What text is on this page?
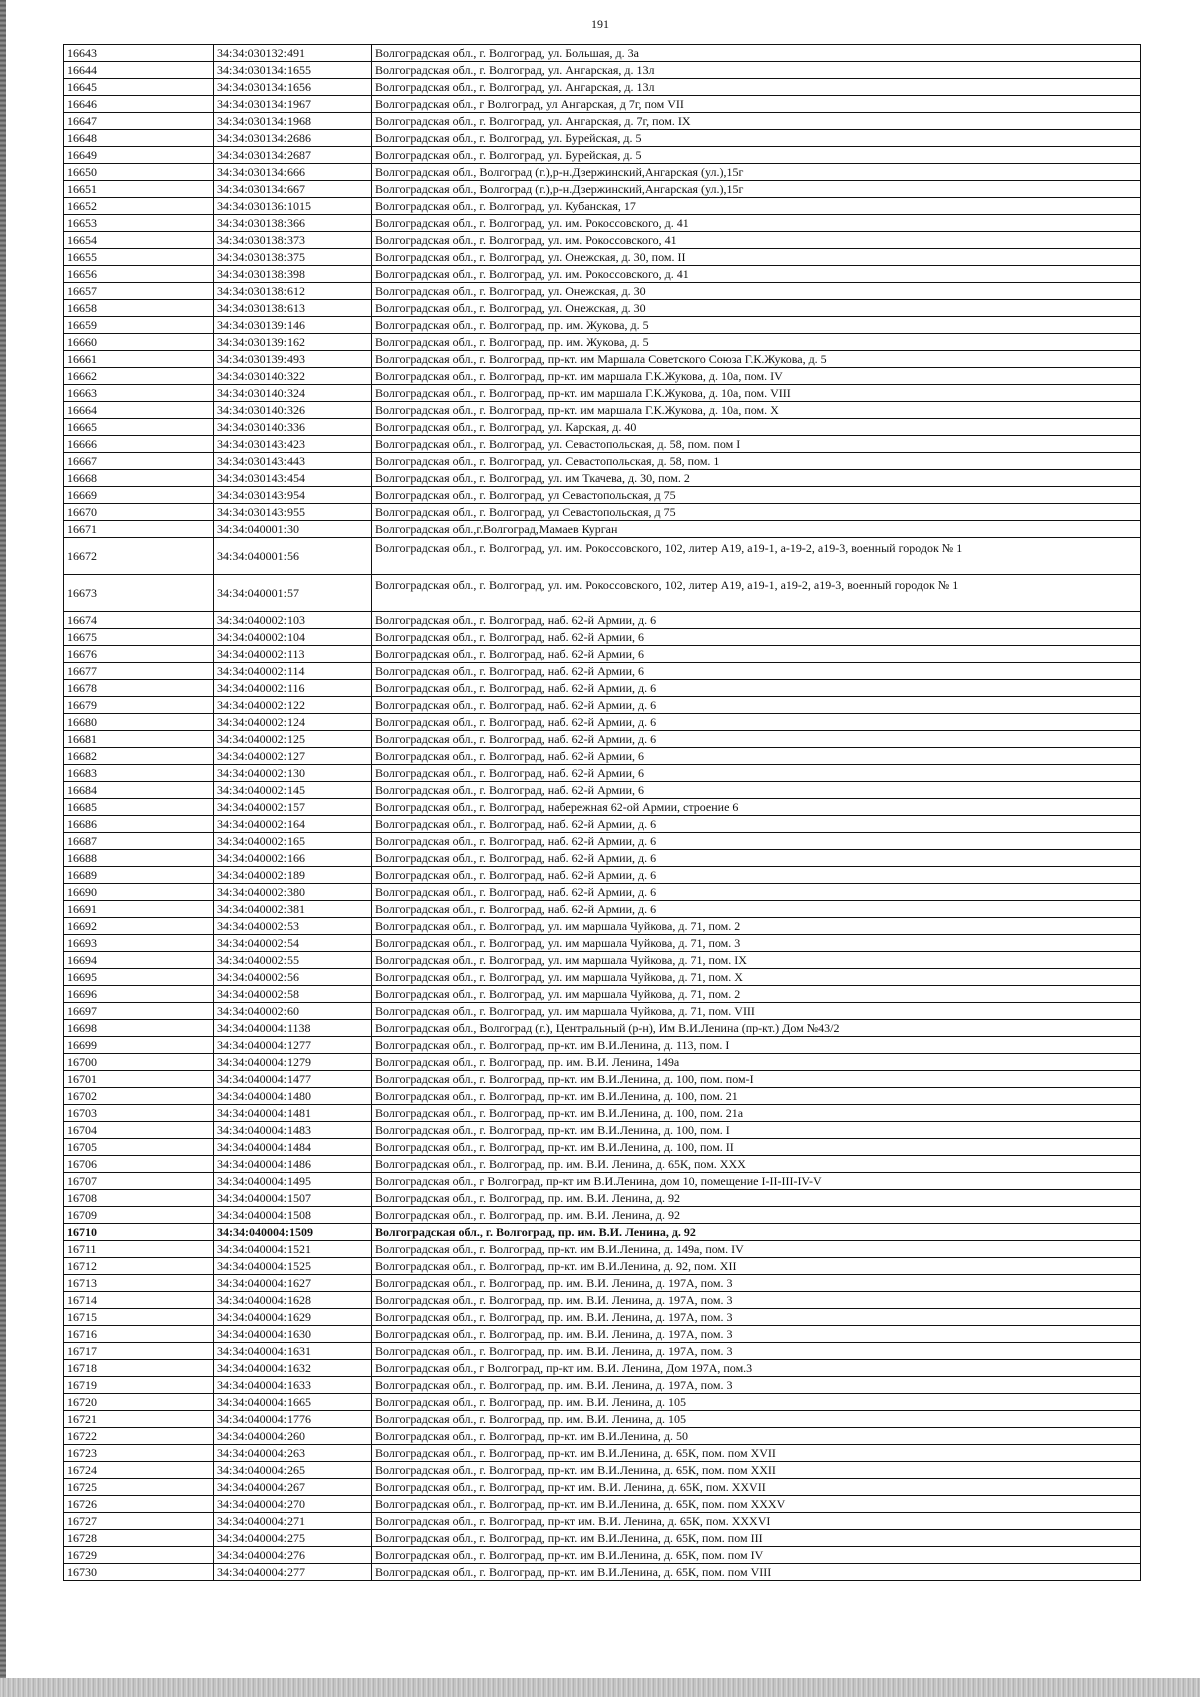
191
16643	34:34:030132:491	Волгоградская обл., г. Волгоград, ул. Большая, д. 3а
16644	34:34:030134:1655	Волгоградская обл., г. Волгоград, ул. Ангарская, д. 13л
16645	34:34:030134:1656	Волгоградская обл., г. Волгоград, ул. Ангарская, д. 13л
16646	34:34:030134:1967	Волгоградская обл., г Волгоград, ул Ангарская, д 7г, пом VII
16647	34:34:030134:1968	Волгоградская обл., г. Волгоград, ул. Ангарская, д. 7г, пом. IX
16648	34:34:030134:2686	Волгоградская обл., г. Волгоград, ул. Бурейская, д. 5
16649	34:34:030134:2687	Волгоградская обл., г. Волгоград, ул. Бурейская, д. 5
16650	34:34:030134:666	Волгоградская обл., Волгоград (г.),р-н.Дзержинский,Ангарская (ул.),15г
16651	34:34:030134:667	Волгоградская обл., Волгоград (г.),р-н.Дзержинский,Ангарская (ул.),15г
16652	34:34:030136:1015	Волгоградская обл., г. Волгоград, ул. Кубанская, 17
16653	34:34:030138:366	Волгоградская обл., г. Волгоград, ул. им. Рокоссовского, д. 41
16654	34:34:030138:373	Волгоградская обл., г. Волгоград, ул. им. Рокоссовского, 41
16655	34:34:030138:375	Волгоградская обл., г. Волгоград, ул. Онежская, д. 30, пом. II
16656	34:34:030138:398	Волгоградская обл., г. Волгоград, ул. им. Рокоссовского, д. 41
16657	34:34:030138:612	Волгоградская обл., г. Волгоград, ул. Онежская, д. 30
16658	34:34:030138:613	Волгоградская обл., г. Волгоград, ул. Онежская, д. 30
16659	34:34:030139:146	Волгоградская обл., г. Волгоград, пр. им. Жукова, д. 5
16660	34:34:030139:162	Волгоградская обл., г. Волгоград, пр. им. Жукова, д. 5
16661	34:34:030139:493	Волгоградская обл., г. Волгоград, пр-кт. им Маршала Советского Союза Г.К.Жукова, д. 5
16662	34:34:030140:322	Волгоградская обл., г. Волгоград, пр-кт. им маршала Г.К.Жукова, д. 10а, пом. IV
16663	34:34:030140:324	Волгоградская обл., г. Волгоград, пр-кт. им маршала Г.К.Жукова, д. 10а, пом. VIII
16664	34:34:030140:326	Волгоградская обл., г. Волгоград, пр-кт. им маршала Г.К.Жукова, д. 10а, пом. X
16665	34:34:030140:336	Волгоградская обл., г. Волгоград, ул. Карская, д. 40
16666	34:34:030143:423	Волгоградская обл., г. Волгоград, ул. Севастопольская, д. 58, пом. пом I
16667	34:34:030143:443	Волгоградская обл., г. Волгоград, ул. Севастопольская, д. 58, пом. 1
16668	34:34:030143:454	Волгоградская обл., г. Волгоград, ул. им Ткачева, д. 30, пом. 2
16669	34:34:030143:954	Волгоградская обл., г. Волгоград, ул Севастопольская, д 75
16670	34:34:030143:955	Волгоградская обл., г. Волгоград, ул Севастопольская, д 75
16671	34:34:040001:30	Волгоградская обл.,г.Волгоград,Мамаев Курган
16672	34:34:040001:56	Волгоградская обл., г. Волгоград, ул. им. Рокоссовского, 102, литер А19, а19-1, а-19-2, а19-3, военный городок № 1
16673	34:34:040001:57	Волгоградская обл., г. Волгоград, ул. им. Рокоссовского, 102, литер А19, а19-1, а19-2, а19-3, военный городок № 1
16674	34:34:040002:103	Волгоградская обл., г. Волгоград, наб. 62-й Армии, д. 6
16675	34:34:040002:104	Волгоградская обл., г. Волгоград, наб. 62-й Армии, 6
16676	34:34:040002:113	Волгоградская обл., г. Волгоград, наб. 62-й Армии, 6
16677	34:34:040002:114	Волгоградская обл., г. Волгоград, наб. 62-й Армии, 6
16678	34:34:040002:116	Волгоградская обл., г. Волгоград, наб. 62-й Армии, д. 6
16679	34:34:040002:122	Волгоградская обл., г. Волгоград, наб. 62-й Армии, д. 6
16680	34:34:040002:124	Волгоградская обл., г. Волгоград, наб. 62-й Армии, д. 6
16681	34:34:040002:125	Волгоградская обл., г. Волгоград, наб. 62-й Армии, д. 6
16682	34:34:040002:127	Волгоградская обл., г. Волгоград, наб. 62-й Армии, 6
16683	34:34:040002:130	Волгоградская обл., г. Волгоград, наб. 62-й Армии, 6
16684	34:34:040002:145	Волгоградская обл., г. Волгоград, наб. 62-й Армии, 6
16685	34:34:040002:157	Волгоградская обл., г. Волгоград, набережная 62-ой Армии, строение 6
16686	34:34:040002:164	Волгоградская обл., г. Волгоград, наб. 62-й Армии, д. 6
16687	34:34:040002:165	Волгоградская обл., г. Волгоград, наб. 62-й Армии, д. 6
16688	34:34:040002:166	Волгоградская обл., г. Волгоград, наб. 62-й Армии, д. 6
16689	34:34:040002:189	Волгоградская обл., г. Волгоград, наб. 62-й Армии, д. 6
16690	34:34:040002:380	Волгоградская обл., г. Волгоград, наб. 62-й Армии, д. 6
16691	34:34:040002:381	Волгоградская обл., г. Волгоград, наб. 62-й Армии, д. 6
16692	34:34:040002:53	Волгоградская обл., г. Волгоград, ул. им маршала Чуйкова, д. 71, пом. 2
16693	34:34:040002:54	Волгоградская обл., г. Волгоград, ул. им маршала Чуйкова, д. 71, пом. 3
16694	34:34:040002:55	Волгоградская обл., г. Волгоград, ул. им маршала Чуйкова, д. 71, пом. IX
16695	34:34:040002:56	Волгоградская обл., г. Волгоград, ул. им маршала Чуйкова, д. 71, пом. X
16696	34:34:040002:58	Волгоградская обл., г. Волгоград, ул. им маршала Чуйкова, д. 71, пом. 2
16697	34:34:040002:60	Волгоградская обл., г. Волгоград, ул. им маршала Чуйкова, д. 71, пом. VIII
16698	34:34:040004:1138	Волгоградская обл., Волгоград (г.), Центральный (р-н), Им В.И.Ленина (пр-кт.) Дом №43/2
16699	34:34:040004:1277	Волгоградская обл., г. Волгоград, пр-кт. им В.И.Ленина, д. 113, пом. I
16700	34:34:040004:1279	Волгоградская обл., г. Волгоград, пр. им. В.И. Ленина, 149а
16701	34:34:040004:1477	Волгоградская обл., г. Волгоград, пр-кт. им В.И.Ленина, д. 100, пом. пом-I
16702	34:34:040004:1480	Волгоградская обл., г. Волгоград, пр-кт. им В.И.Ленина, д. 100, пом. 21
16703	34:34:040004:1481	Волгоградская обл., г. Волгоград, пр-кт. им В.И.Ленина, д. 100, пом. 21а
16704	34:34:040004:1483	Волгоградская обл., г. Волгоград, пр-кт. им В.И.Ленина, д. 100, пом. I
16705	34:34:040004:1484	Волгоградская обл., г. Волгоград, пр-кт. им В.И.Ленина, д. 100, пом. II
16706	34:34:040004:1486	Волгоградская обл., г. Волгоград, пр. им. В.И. Ленина, д. 65К, пом. XXX
16707	34:34:040004:1495	Волгоградская обл., г Волгоград, пр-кт им В.И.Ленина, дом 10, помещение I-II-III-IV-V
16708	34:34:040004:1507	Волгоградская обл., г. Волгоград, пр. им. В.И. Ленина, д. 92
16709	34:34:040004:1508	Волгоградская обл., г. Волгоград, пр. им. В.И. Ленина, д. 92
16710	34:34:040004:1509	Волгоградская обл., г. Волгоград, пр. им. В.И. Ленина, д. 92
16711	34:34:040004:1521	Волгоградская обл., г. Волгоград, пр-кт. им В.И.Ленина, д. 149а, пом. IV
16712	34:34:040004:1525	Волгоградская обл., г. Волгоград, пр-кт. им В.И.Ленина, д. 92, пом. XII
16713	34:34:040004:1627	Волгоградская обл., г. Волгоград, пр. им. В.И. Ленина, д. 197А, пом. 3
16714	34:34:040004:1628	Волгоградская обл., г. Волгоград, пр. им. В.И. Ленина, д. 197А, пом. 3
16715	34:34:040004:1629	Волгоградская обл., г. Волгоград, пр. им. В.И. Ленина, д. 197А, пом. 3
16716	34:34:040004:1630	Волгоградская обл., г. Волгоград, пр. им. В.И. Ленина, д. 197А, пом. 3
16717	34:34:040004:1631	Волгоградская обл., г. Волгоград, пр. им. В.И. Ленина, д. 197А, пом. 3
16718	34:34:040004:1632	Волгоградская обл., г Волгоград, пр-кт им. В.И. Ленина, Дом 197А, пом.3
16719	34:34:040004:1633	Волгоградская обл., г. Волгоград, пр. им. В.И. Ленина, д. 197А, пом. 3
16720	34:34:040004:1665	Волгоградская обл., г. Волгоград, пр. им. В.И. Ленина, д. 105
16721	34:34:040004:1776	Волгоградская обл., г. Волгоград, пр. им. В.И. Ленина, д. 105
16722	34:34:040004:260	Волгоградская обл., г. Волгоград, пр-кт. им В.И.Ленина, д. 50
16723	34:34:040004:263	Волгоградская обл., г. Волгоград, пр-кт. им В.И.Ленина, д. 65К, пом. пом XVII
16724	34:34:040004:265	Волгоградская обл., г. Волгоград, пр-кт. им В.И.Ленина, д. 65К, пом. пом XXII
16725	34:34:040004:267	Волгоградская обл., г. Волгоград, пр-кт им. В.И. Ленина, д. 65К, пом. XXVII
16726	34:34:040004:270	Волгоградская обл., г. Волгоград, пр-кт. им В.И.Ленина, д. 65К, пом. пом XXXV
16727	34:34:040004:271	Волгоградская обл., г. Волгоград, пр-кт им. В.И. Ленина, д. 65К, пом. XXXVI
16728	34:34:040004:275	Волгоградская обл., г. Волгоград, пр-кт. им В.И.Ленина, д. 65К, пом. пом III
16729	34:34:040004:276	Волгоградская обл., г. Волгоград, пр-кт. им В.И.Ленина, д. 65К, пом. пом IV
16730	34:34:040004:277	Волгоградская обл., г. Волгоград, пр-кт. им В.И.Ленина, д. 65К, пом. пом VIII
